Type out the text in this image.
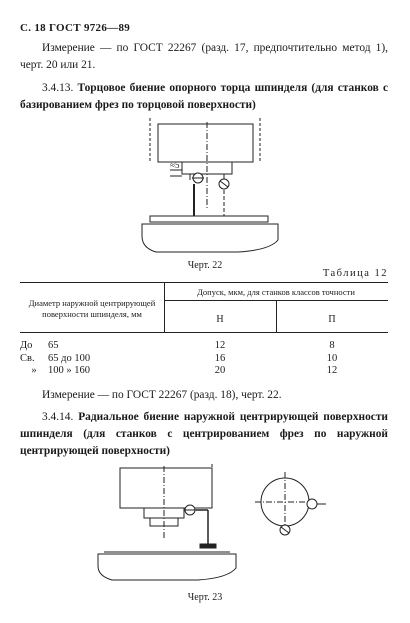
С. 18 ГОСТ 9726—89
Измерение — по ГОСТ 22267 (разд. 17, предпочтительно метод 1), черт. 20 или 21.
3.4.13. Торцовое биение опорного торца шпинделя (для станков с базированием фрез по торцовой поверхности)
≈5
Черт. 22
Таблица 12
Диаметр наружной центрирующей поверхности шпинделя, мм
Допуск, мкм, для станков классов точности
Н	П
До 65	12	8
Св. 65 до 100	16	10
» 100 » 160	20	12
Измерение — по ГОСТ 22267 (разд. 18), черт. 22.
3.4.14. Радиальное биение наружной центрирующей поверхности шпинделя (для станков с центрированием фрез по наружной центрирующей поверхности)
Черт. 23
